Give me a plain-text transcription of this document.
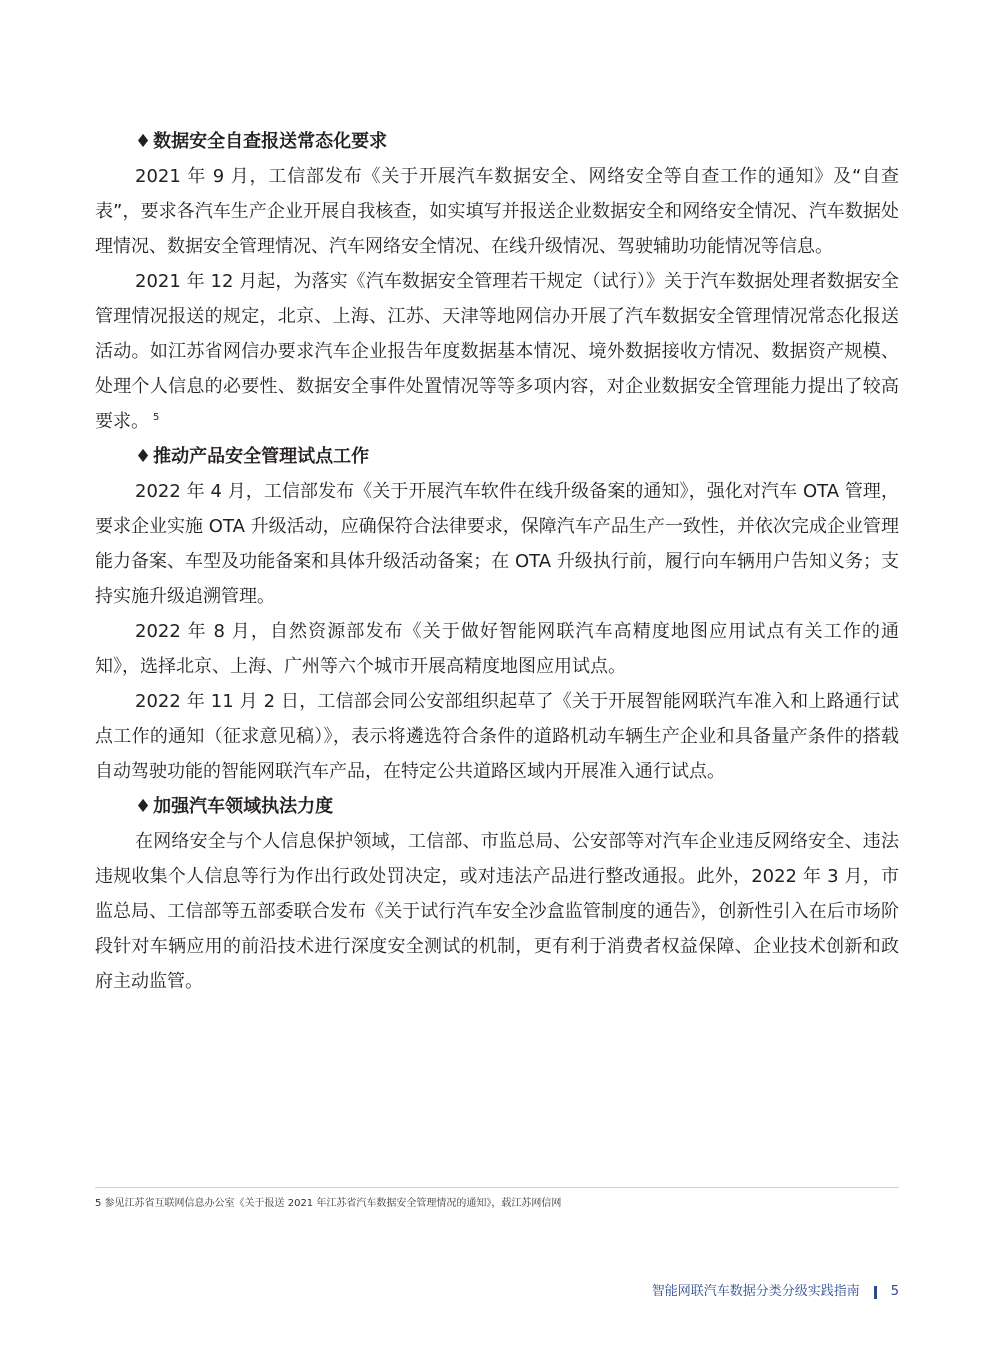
♦ 数据安全自查报送常态化要求

2021 年 9 月，工信部发布《关于开展汽车数据安全、网络安全等自查工作的通知》及“自查表”，要求各汽车生产企业开展自我核查，如实填写并报送企业数据安全和网络安全情况、汽车数据处理情况、数据安全管理情况、汽车网络安全情况、在线升级情况、驾驶辅助功能情况等信息。

2021 年 12 月起，为落实《汽车数据安全管理若干规定（试行）》关于汽车数据处理者数据安全管理情况报送的规定，北京、上海、江苏、天津等地网信办开展了汽车数据安全管理情况常态化报送活动。如江苏省网信办要求汽车企业报告年度数据基本情况、境外数据接收方情况、数据资产规模、处理个人信息的必要性、数据安全事件处置情况等等多项内容，对企业数据安全管理能力提出了较高要求。 $^5$

♦ 推动产品安全管理试点工作

2022 年 4 月，工信部发布《关于开展汽车软件在线升级备案的通知》，强化对汽车 OTA 管理，要求企业实施 OTA 升级活动，应确保符合法律要求，保障汽车产品生产一致性，并依次完成企业管理能力备案、车型及功能备案和具体升级活动备案；在 OTA 升级执行前，履行向车辆用户告知义务；支持实施升级追溯管理。

2022 年 8 月，自然资源部发布《关于做好智能网联汽车高精度地图应用试点有关工作的通知》，选择北京、上海、广州等六个城市开展高精度地图应用试点。

2022 年 11 月 2 日，工信部会同公安部组织起草了《关于开展智能网联汽车准入和上路通行试点工作的通知（征求意见稿）》，表示将遴选符合条件的道路机动车辆生产企业和具备量产条件的搭载自动驾驶功能的智能网联汽车产品，在特定公共道路区域内开展准入通行试点。

♦ 加强汽车领域执法力度

在网络安全与个人信息保护领域，工信部、市监总局、公安部等对汽车企业违反网络安全、违法违规收集个人信息等行为作出行政处罚决定，或对违法产品进行整改通报。此外，2022 年 3 月，市监总局、工信部等五部委联合发布《关于试行汽车安全沙盒监管制度的通告》，创新性引入在后市场阶段针对车辆应用的前沿技术进行深度安全测试的机制，更有利于消费者权益保障、企业技术创新和政府主动监管。

5 参见江苏省互联网信息办公室《关于报送 2021 年江苏省汽车数据安全管理情况的通知》，载江苏网信网
智能网联汽车数据分类分级实践指南 5
